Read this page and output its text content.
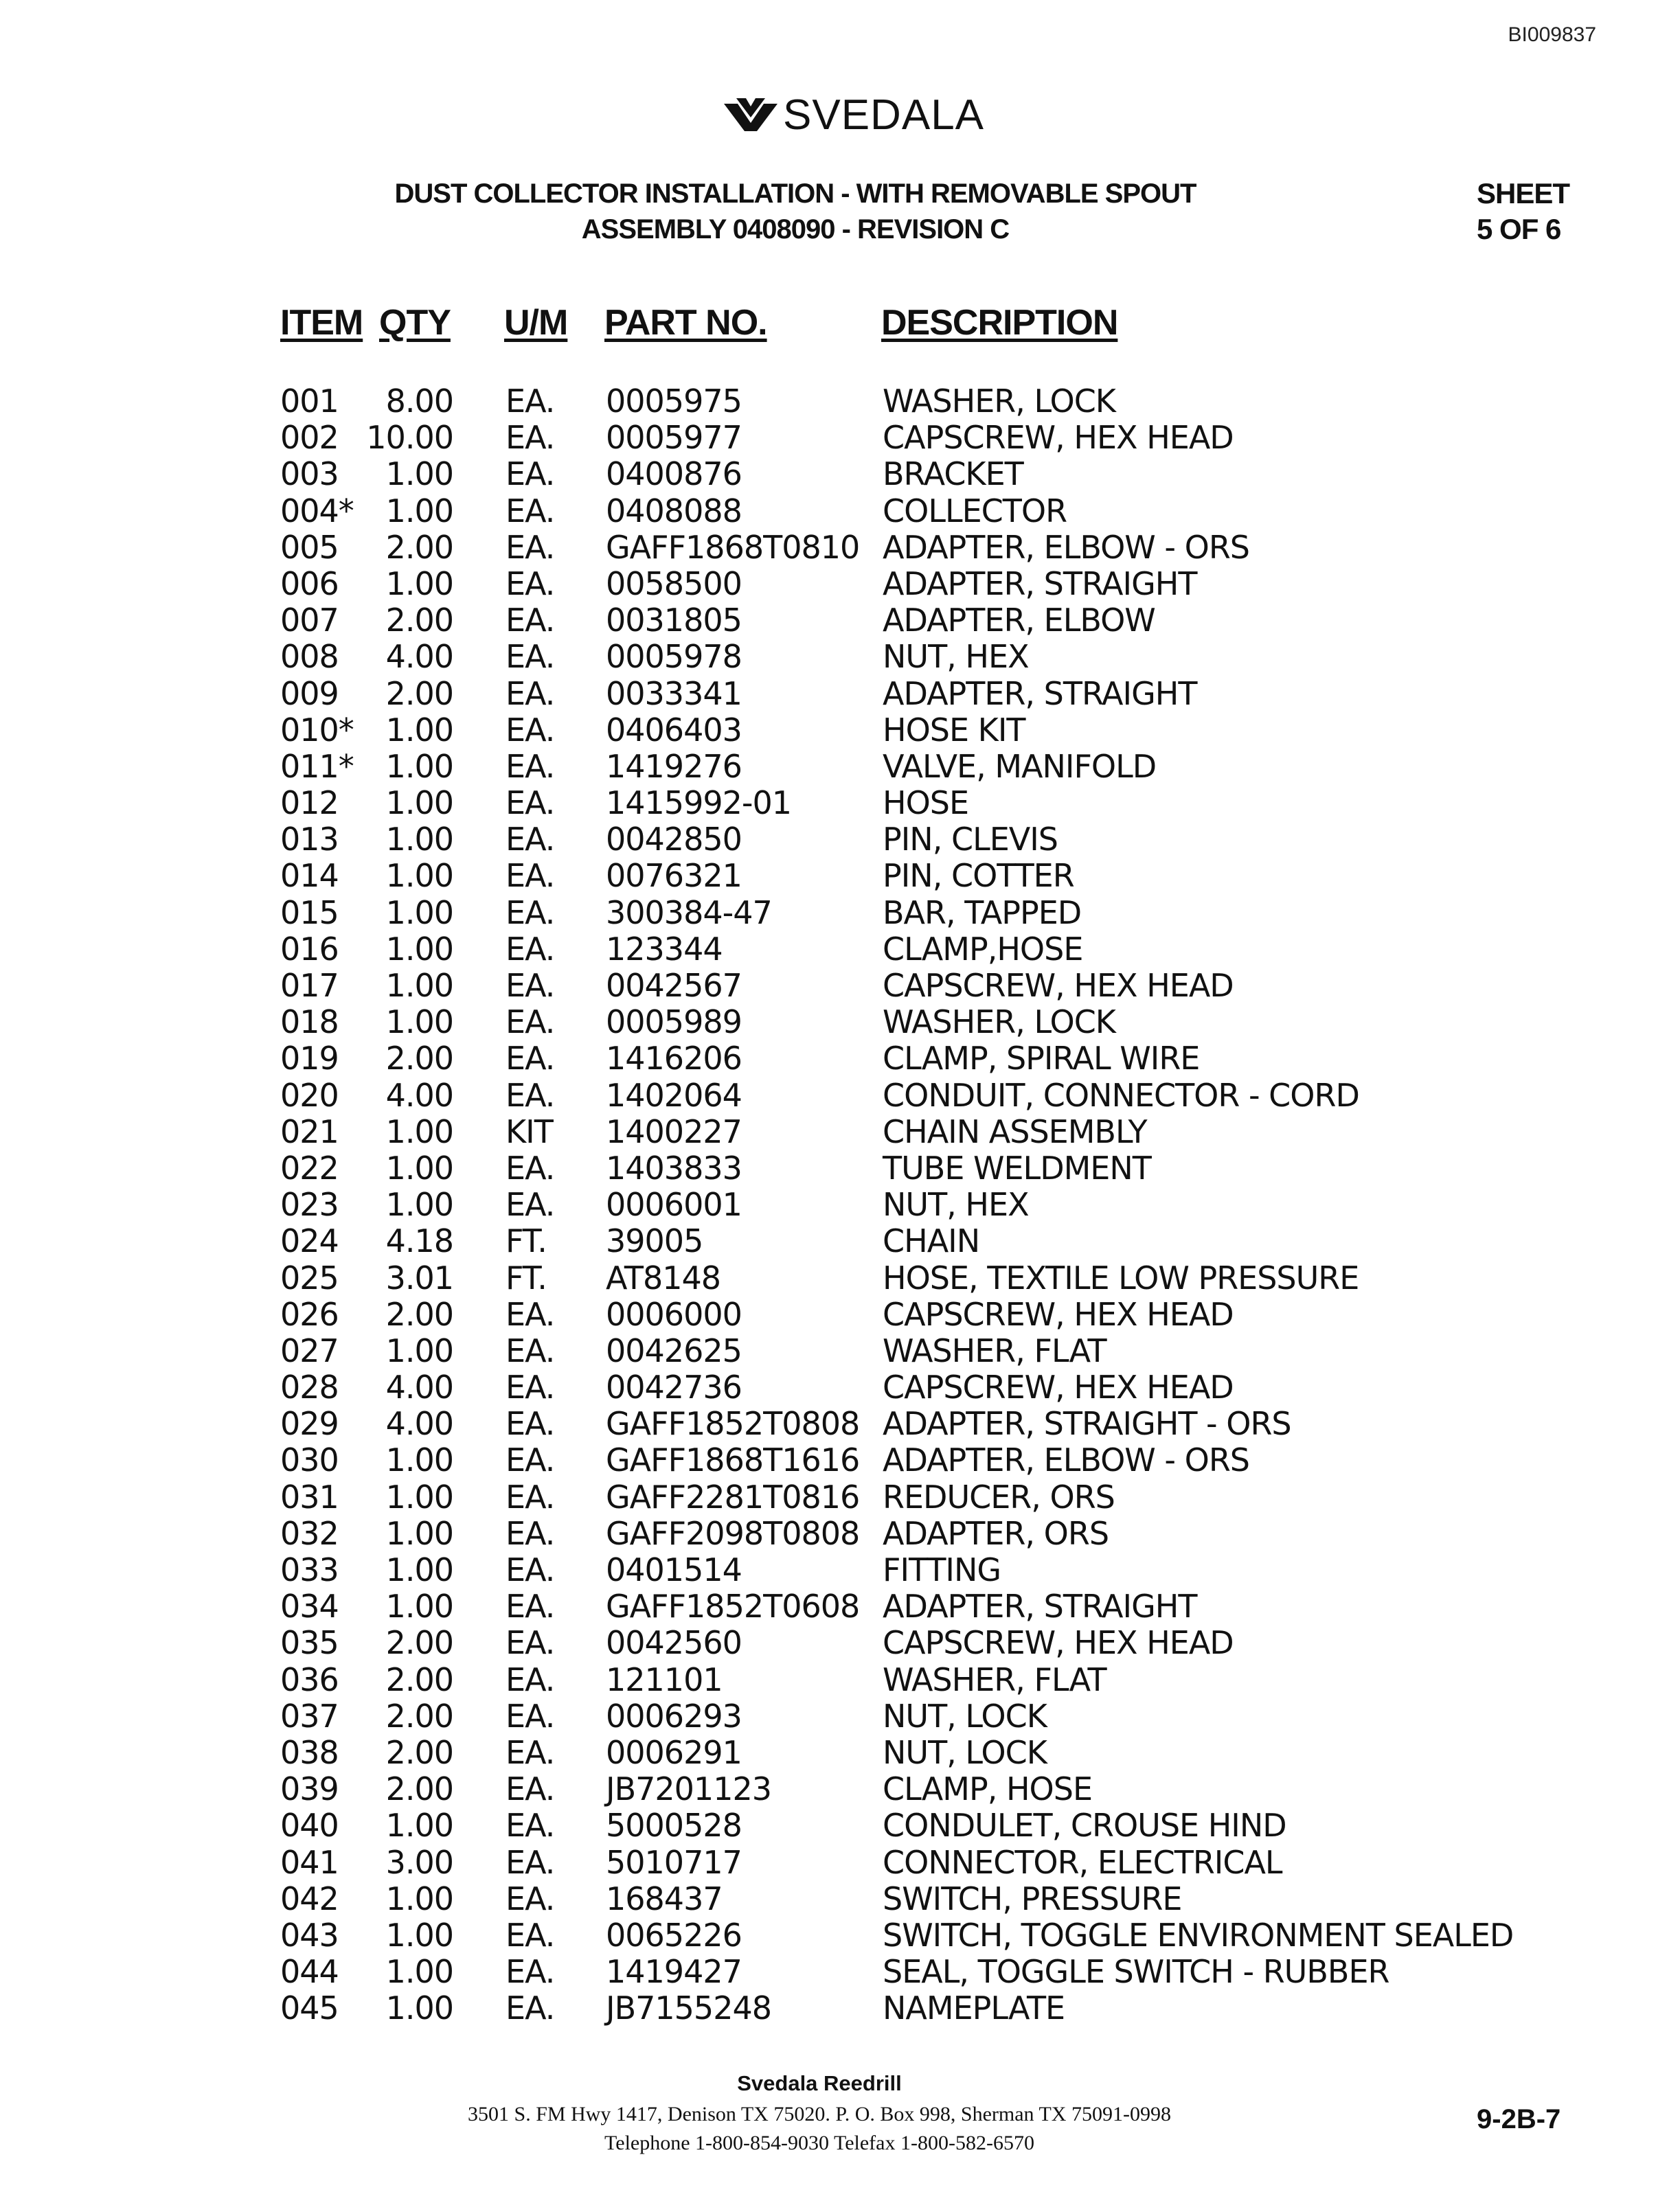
BI009837
SVEDALA
DUST COLLECTOR INSTALLATION - WITH REMOVABLE SPOUT
ASSEMBLY 0408090 - REVISION C
SHEET
5 OF 6
ITEM QTY U/M PART NO.	DESCRIPTION
001 8.00 EA. 0005975	WASHER, LOCK
002 10.00 EA. 0005977	CAPSCREW, HEX HEAD
003 1.00 EA. 0400876	BRACKET
004* 1.00 EA. 0408088	COLLECTOR
005 2.00 EA. GAFF1868T0810 ADAPTER, ELBOW - ORS
006 1.00 EA. 0058500	ADAPTER, STRAIGHT
007 2.00 EA. 0031805	ADAPTER, ELBOW
008 4.00 EA. 0005978	NUT, HEX
009 2.00 EA. 0033341	ADAPTER, STRAIGHT
010* 1.00 EA. 0406403	HOSE KIT
011* 1.00 EA. 1419276	VALVE, MANIFOLD
012 1.00 EA. 1415992-01	HOSE
013 1.00 EA. 0042850	PIN, CLEVIS
014 1.00 EA. 0076321	PIN, COTTER
015 1.00 EA. 300384-47	BAR, TAPPED
016 1.00 EA. 123344	CLAMP,HOSE
017 1.00 EA. 0042567	CAPSCREW, HEX HEAD
018 1.00 EA. 0005989	WASHER, LOCK
019 2.00 EA. 1416206	CLAMP, SPIRAL WIRE
020 4.00 EA. 1402064	CONDUIT, CONNECTOR - CORD
021 1.00 KIT 1400227	CHAIN ASSEMBLY
022 1.00 EA. 1403833	TUBE WELDMENT
023 1.00 EA. 0006001	NUT, HEX
024 4.18 FT. 39005	CHAIN
025 3.01 FT. AT8148	HOSE, TEXTILE LOW PRESSURE
026 2.00 EA. 0006000	CAPSCREW, HEX HEAD
027 1.00 EA. 0042625	WASHER, FLAT
028 4.00 EA. 0042736	CAPSCREW, HEX HEAD
029 4.00 EA. GAFF1852T0808 ADAPTER, STRAIGHT - ORS
030 1.00 EA. GAFF1868T1616 ADAPTER, ELBOW - ORS
031 1.00 EA. GAFF2281T0816 REDUCER, ORS
032 1.00 EA. GAFF2098T0808 ADAPTER, ORS
033 1.00 EA. 0401514	FITTING
034 1.00 EA. GAFF1852T0608 ADAPTER, STRAIGHT
035 2.00 EA. 0042560	CAPSCREW, HEX HEAD
036 2.00 EA. 121101	WASHER, FLAT
037 2.00 EA. 0006293	NUT, LOCK
038 2.00 EA. 0006291	NUT, LOCK
039 2.00 EA. JB7201123	CLAMP, HOSE
040 1.00 EA. 5000528	CONDULET, CROUSE HIND
041 3.00 EA. 5010717	CONNECTOR, ELECTRICAL
042 1.00 EA. 168437	SWITCH, PRESSURE
043 1.00 EA. 0065226	SWITCH, TOGGLE ENVIRONMENT SEALED
044 1.00 EA. 1419427	SEAL, TOGGLE SWITCH - RUBBER
045 1.00 EA. JB7155248	NAMEPLATE
Svedala Reedrill
3501 S. FM Hwy 1417, Denison TX 75020. P. O. Box 998, Sherman TX 75091-0998
Telephone 1-800-854-9030 Telefax 1-800-582-6570
9-2B-7
